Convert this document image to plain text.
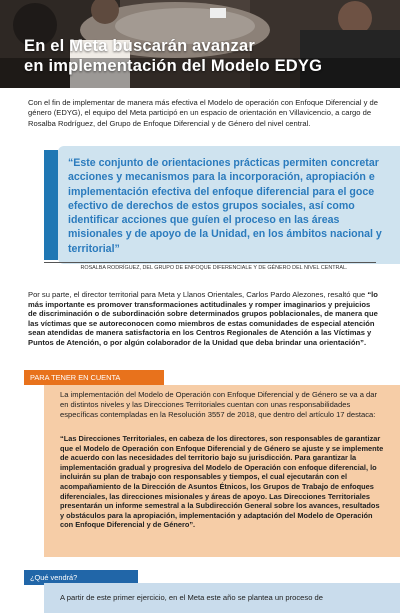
En el Meta buscarán avanzar
en implementación del Modelo EDYG

Con el fin de implementar de manera más efectiva el Modelo de operación con Enfoque Diferencial y de género (EDYG), el equipo del Meta participó en un espacio de orientación en Villavicencio, a cargo de Rosalba Rodríguez, del Grupo de Enfoque Diferencial y de Género del nivel central.

“Este conjunto de orientaciones prácticas permiten concretar acciones y mecanismos para la incorporación, apropiación e implementación efectiva del enfoque diferencial para el goce efectivo de derechos de estos grupos sociales, así como identificar acciones que guíen el proceso en las áreas misionales y de apoyo de la Unidad, en los ámbitos nacional y territorial”

ROSALBA RODRÍGUEZ, DEL GRUPO DE ENFOQUE DIFERENCIALE Y DE GÉNERO DEL NIVEL CENTRAL.

Por su parte, el director territorial para Meta y Llanos Orientales, Carlos Pardo Alezones, resaltó que “lo más importante es promover transformaciones actitudinales y romper imaginarios y prejuicios de discriminación o de subordinación sobre determinados grupos poblacionales, de manera que las víctimas que se autoreconocen como miembros de estas comunidades de especial atención sean atendidas de manera satisfactoria en los Centros Regionales de Atención a las Víctimas y Puntos de Atención, o por algún colaborador de la Unidad que deba brindar una orientación”.

PARA TENER EN CUENTA

La implementación del Modelo de Operación con Enfoque Diferencial y de Género se va a dar en distintos niveles y las Direcciones Territoriales cuentan con unas responsabilidades específicas contempladas en la Resolución 3557 de 2018, que dentro del artículo 17 destaca:

“Las Direcciones Territoriales, en cabeza de los directores, son responsables de garantizar que el Modelo de Operación con Enfoque Diferencial y de Género se ajuste y se implemente de acuerdo con las necesidades del territorio bajo su jurisdicción. Para garantizar la implementación gradual y progresiva del Modelo de Operación con enfoque diferencial, lo incluirán su plan de trabajo con responsables y tiempos, el cual ejecutarán con el acompañamiento de la Dirección de Asuntos Étnicos, los Grupos de Trabajo de enfoques diferenciales, las direcciones misionales y áreas de apoyo. Las Direcciones Territoriales presentarán un informe semestral a la Subdirección General sobre los avances, resultados y obstáculos para la apropiación, implementación y adaptación del Modelo de Operación con Enfoque Diferencial y de Género”.

¿Qué vendrá?

A partir de este primer ejercicio, en el Meta este año se plantea un proceso de
